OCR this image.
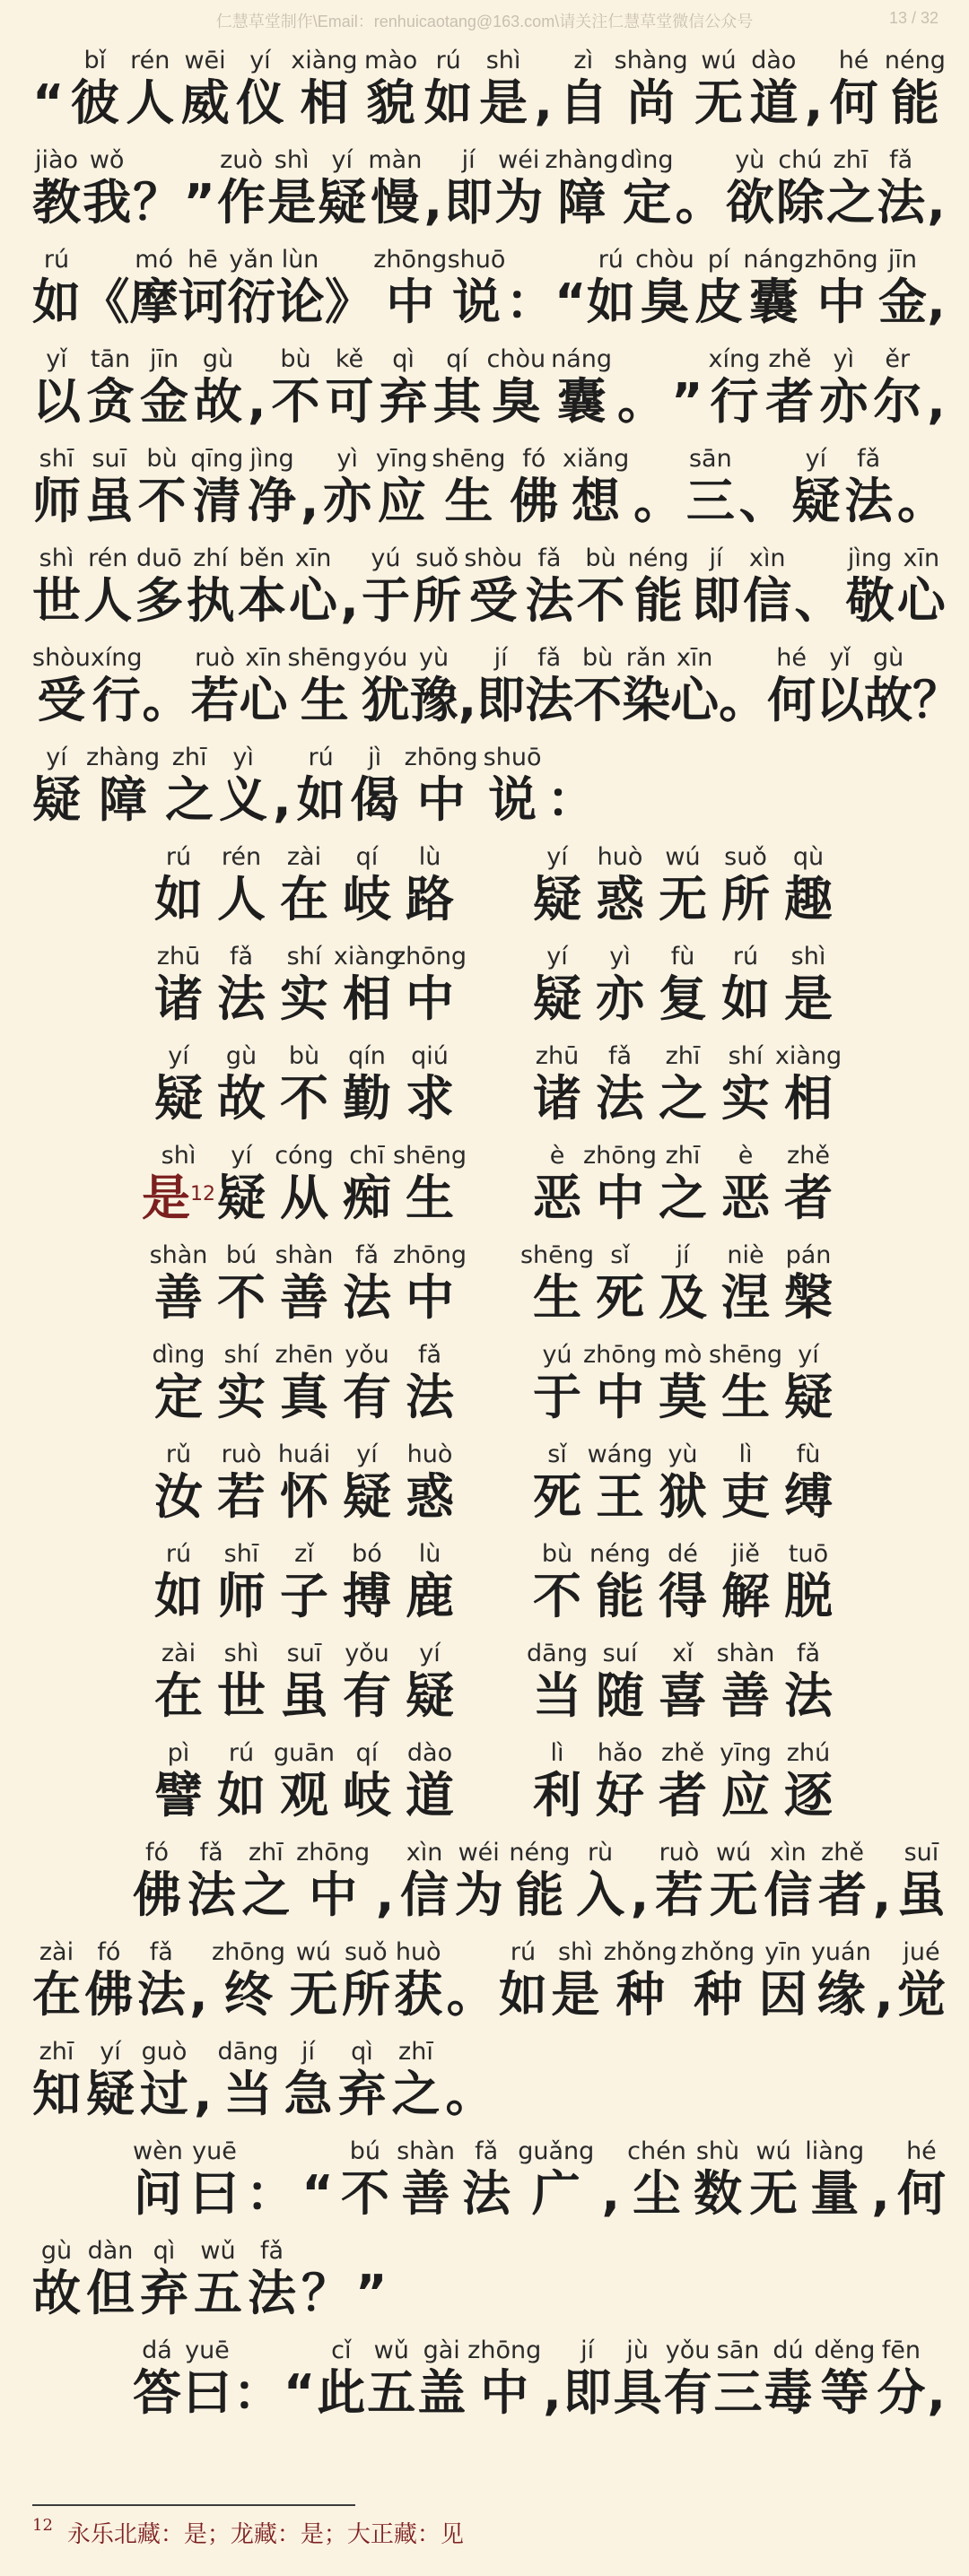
仁慧草堂制作\Email：renhuicaotang@163.com\请关注仁慧草堂微信公众号	13 / 32

“
bǐ
彼
rén
人
wēi
威
yí
仪
xiàng
相
mào
貌
rú
如
shì
是
,
zì
自
shàng
尚
wú
无
dào
道
,
hé
何
néng
能
jiào
教
wǒ
我
？
”
zuò
作
shì
是
yí
疑
màn
慢
,
jí
即
wéi
为
zhàng
障
dìng
定
。
yù
欲
chú
除
zhī
之
fǎ
法
,
rú
如
《
mó
摩
hē
诃
yǎn
衍
lùn
论
》
zhōng
中
shuō
说
：
“
rú
如
chòu
臭
pí
皮
náng
囊
zhōng
中
jīn
金
,
yǐ
以
tān
贪
jīn
金
gù
故
,
bù
不
kě
可
qì
弃
qí
其
chòu
臭
náng
囊
。
”
xíng
行
zhě
者
yì
亦
ěr
尔
,
shī
师
suī
虽
bù
不
qīng
清
jìng
净
,
yì
亦
yīng
应
shēng
生
fó
佛
xiǎng
想
。
sān
三
、
yí
疑
fǎ
法
。
shì
世
rén
人
duō
多
zhí
执
běn
本
xīn
心
,
yú
于
suǒ
所
shòu
受
fǎ
法
bù
不
néng
能
jí
即
xìn
信
、
jìng
敬
xīn
心
shòu
受
xíng
行
。
ruò
若
xīn
心
shēng
生
yóu
犹
yù
豫
,
jí
即
fǎ
法
bù
不
rǎn
染
xīn
心
。
hé
何
yǐ
以
gù
故
？
yí
疑
zhàng
障
zhī
之
yì
义
,
rú
如
jì
偈
zhōng
中
shuō
说
：
rú
如
rén
人
zài
在
qí
岐
lù
路
yí
疑
huò
惑
wú
无
suǒ
所
qù
趣
zhū
诸
fǎ
法
shí
实
xiàng
相
zhōng
中
yí
疑
yì
亦
fù
复
rú
如
shì
是
yí
疑
gù
故
bù
不
qín
勤
qiú
求
zhū
诸
fǎ
法
zhī
之
shí
实
xiàng
相
shì
是$^{12}$
yí
疑
cóng
从
chī
痴
shēng
生
è
恶
zhōng
中
zhī
之
è
恶
zhě
者
shàn
善
bú
不
shàn
善
fǎ
法
zhōng
中
shēng
生
sǐ
死
jí
及
niè
涅
pán
槃
dìng
定
shí
实
zhēn
真
yǒu
有
fǎ
法
yú
于
zhōng
中
mò
莫
shēng
生
yí
疑
rǔ
汝
ruò
若
huái
怀
yí
疑
huò
惑
sǐ
死
wáng
王
yù
狱
lì
吏
fù
缚
rú
如
shī
师
zǐ
子
bó
搏
lù
鹿
bù
不
néng
能
dé
得
jiě
解
tuō
脱
zài
在
shì
世
suī
虽
yǒu
有
yí
疑
dāng
当
suí
随
xǐ
喜
shàn
善
fǎ
法
pì
譬
rú
如
guān
观
qí
岐
dào
道
lì
利
hǎo
好
zhě
者
yīng
应
zhú
逐
fó
佛
fǎ
法
zhī
之
zhōng
中
,
xìn
信
wéi
为
néng
能
rù
入
,
ruò
若
wú
无
xìn
信
zhě
者
,
suī
虽
zài
在
fó
佛
fǎ
法
,
zhōng
终
wú
无
suǒ
所
huò
获
。
rú
如
shì
是
zhǒng
种
zhǒng
种
yīn
因
yuán
缘
,
jué
觉
zhī
知
yí
疑
guò
过
,
dāng
当
jí
急
qì
弃
zhī
之
。
wèn
问
yuē
曰
：
“
bú
不
shàn
善
fǎ
法
guǎng
广
,
chén
尘
shù
数
wú
无
liàng
量
,
hé
何
gù
故
dàn
但
qì
弃
wǔ
五
fǎ
法
？
”
dá
答
yuē
曰
：
“
cǐ
此
wǔ
五
gài
盖
zhōng
中
,
jí
即
jù
具
yǒu
有
sān
三
dú
毒
děng
等
fēn
分
,
$^{12}$ 永乐北藏：是；龙藏：是；大正藏：见
